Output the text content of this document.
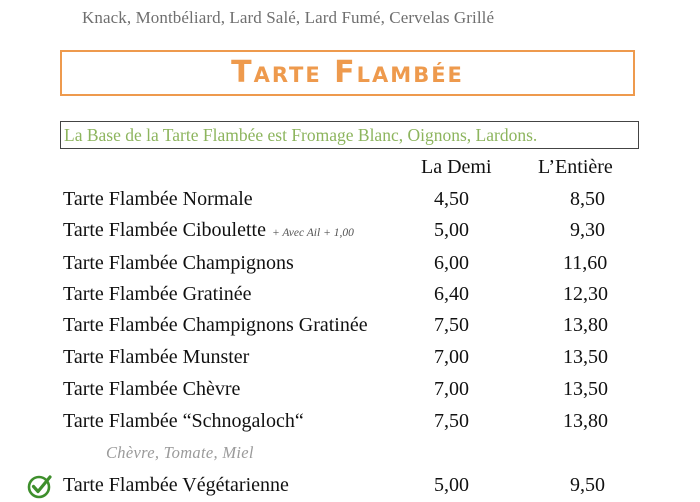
Knack, Montbéliard, Lard Salé, Lard Fumé, Cervelas Grillé
Tarte Flambée
La Base de la Tarte Flambée est Fromage Blanc, Oignons, Lardons.
La Demi L’Entière
Tarte Flambée Normale	4,50	8,50
Tarte Flambée Ciboulette + Avec Ail + 1,00	5,00	9,30
Tarte Flambée Champignons	6,00	11,60
Tarte Flambée Gratinée	6,40	12,30
Tarte Flambée Champignons Gratinée	7,50	13,80
Tarte Flambée Munster	7,00	13,50
Tarte Flambée Chèvre	7,00	13,50
Tarte Flambée “Schnogaloch“	7,50	13,80
Chèvre, Tomate, Miel
Tarte Flambée Végétarienne	5,00	9,50
